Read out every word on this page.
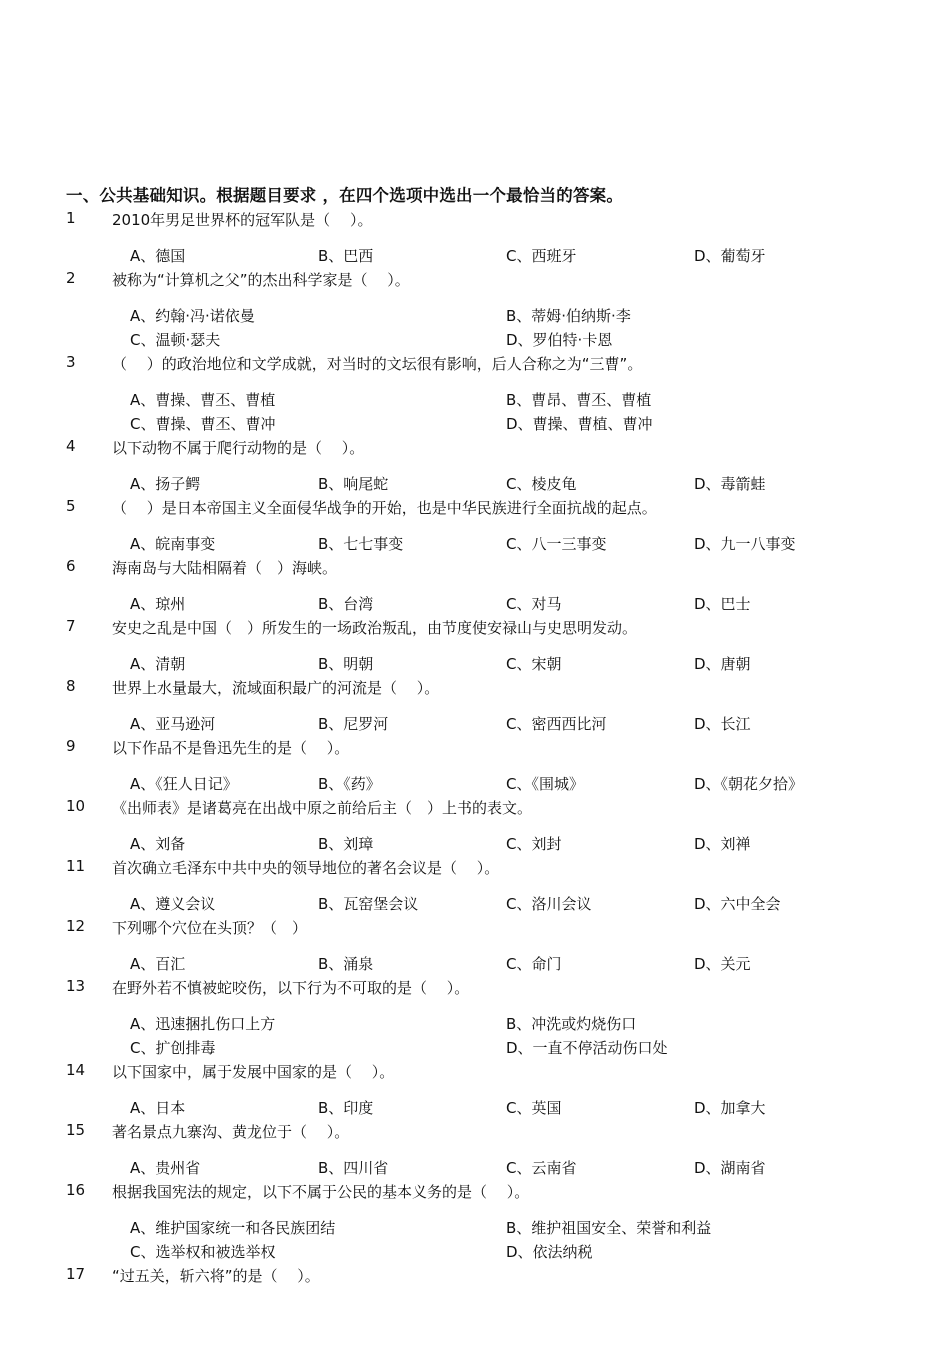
一、公共基础知识。根据题目要求 ，在四个选项中选出一个最恰当的答案。
1 2010年男足世界杯的冠军队是（　 ）。
A、德国	B、巴西	C、西班牙	D、葡萄牙
2 被称为“计算机之父”的杰出科学家是（　 ）。
A、约翰·冯·诺依曼	B、蒂姆·伯纳斯·李
C、温顿·瑟夫	D、罗伯特·卡恩
3 （　 ）的政治地位和文学成就，对当时的文坛很有影响，后人合称之为“三曹”。
A、曹操、曹丕、曹植	B、曹昂、曹丕、曹植
C、曹操、曹丕、曹冲	D、曹操、曹植、曹冲
4 以下动物不属于爬行动物的是（　 ）。
A、扬子鳄	B、响尾蛇	C、棱皮龟	D、毒箭蛙
5 （　 ）是日本帝国主义全面侵华战争的开始，也是中华民族进行全面抗战的起点。
A、皖南事变	B、七七事变	C、八一三事变	D、九一八事变
6 海南岛与大陆相隔着（　）海峡。
A、琼州	B、台湾	C、对马	D、巴士
7 安史之乱是中国（　）所发生的一场政治叛乱，由节度使安禄山与史思明发动。
A、清朝	B、明朝	C、宋朝	D、唐朝
8 世界上水量最大，流域面积最广的河流是（　 ）。
A、亚马逊河	B、尼罗河	C、密西西比河	D、长江
9 以下作品不是鲁迅先生的是（　 ）。
A、《狂人日记》	B、《药》	C、《围城》	D、《朝花夕拾》
10 《出师表》是诸葛亮在出战中原之前给后主（　）上书的表文。
A、刘备	B、刘璋	C、刘封	D、刘禅
11 首次确立毛泽东中共中央的领导地位的著名会议是（　 ）。
A、遵义会议	B、瓦窑堡会议	C、洛川会议	D、六中全会
12 下列哪个穴位在头顶？（　）
A、百汇	B、涌泉	C、命门	D、关元
13 在野外若不慎被蛇咬伤，以下行为不可取的是（　 ）。
A、迅速捆扎伤口上方	B、冲洗或灼烧伤口
C、扩创排毒	D、一直不停活动伤口处
14 以下国家中，属于发展中国家的是（　 ）。
A、日本	B、印度	C、英国	D、加拿大
15 著名景点九寨沟、黄龙位于（　 ）。
A、贵州省	B、四川省	C、云南省	D、湖南省
16 根据我国宪法的规定，以下不属于公民的基本义务的是（　 ）。
A、维护国家统一和各民族团结	B、维护祖国安全、荣誉和利益
C、选举权和被选举权	D、依法纳税
17 “过五关，斩六将”的是（　 ）。
